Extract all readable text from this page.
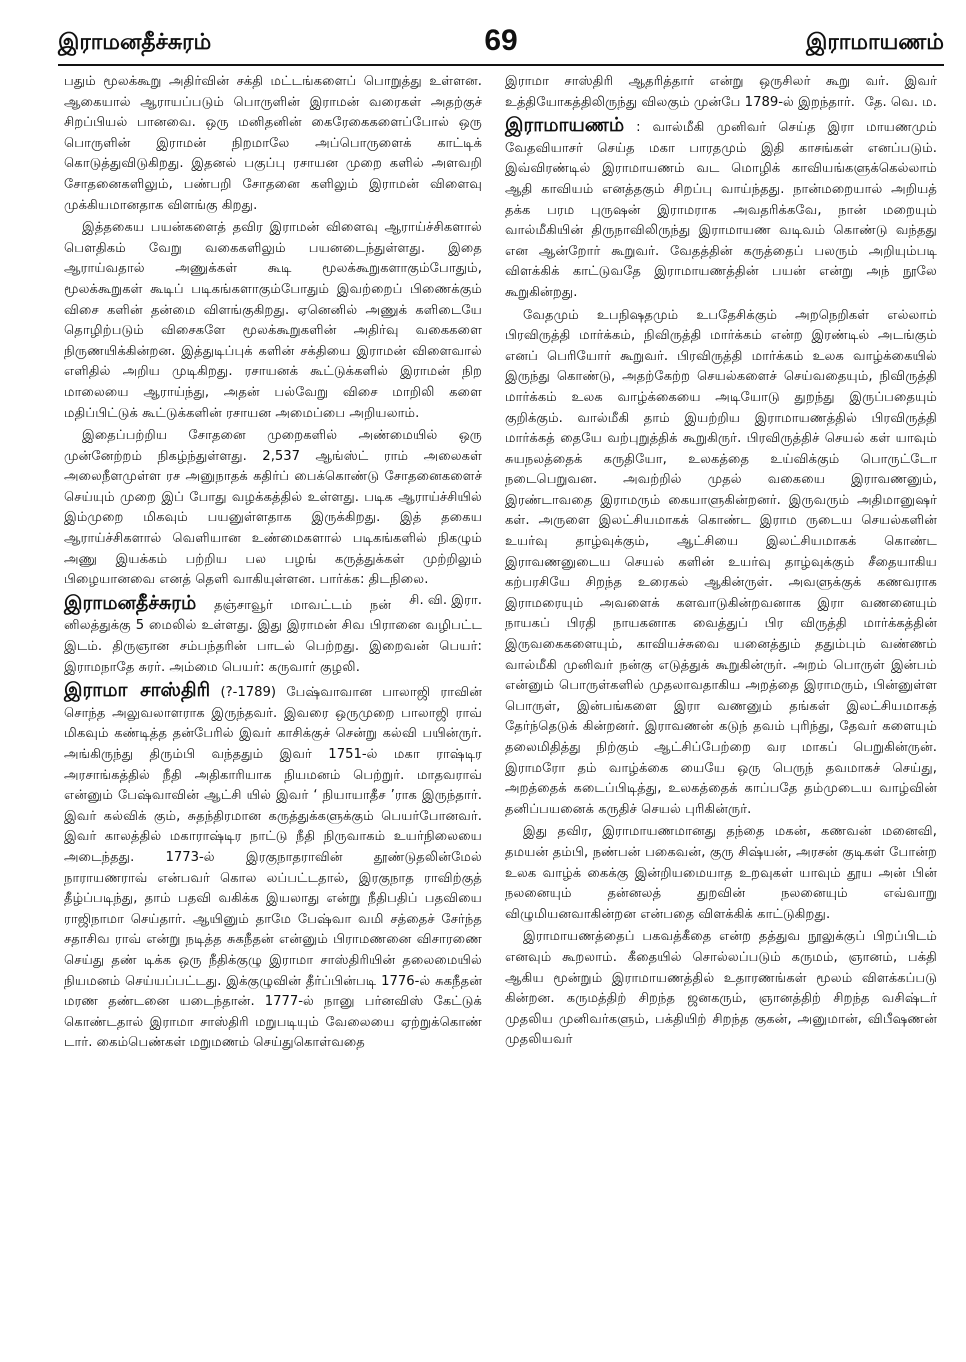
இராமனதீச்சுரம்	69	இராமாயணம்

பதும் மூலக்கூறு அதிர்வின் சக்தி மட்டங்களைப் பொறுத்து உள்ளன. ஆகையால் ஆராயப்படும் பொருளின் இராமன் வரைகள் அதற்குச் சிறப்பியல் பானவை. ஒரு மனிதனின் கைரேகைகளைப்போல் ஒரு பொருளின் இராமன் நிறமாலே அப்பொருளைக் காட்டிக் கொடுத்துவிடுகிறது. இதனல் பகுப்பு ரசாயன முறை களில் அளவறி சோதனைகளிலும், பண்பறி சோதனை களிலும் இராமன் விளைவு முக்கியமானதாக விளங்கு கிறது.

இத்தகைய பயன்களைத் தவிர இராமன் விளைவு ஆராய்ச்சிகளால் பௌதிகம் வேறு வகைகளிலும் பயனடைந்துள்ளது. இதை ஆராய்வதால் அணுக்கள் கூடி மூலக்கூறுகளாகும்போதும், மூலக்கூறுகள் கூடிப் படிகங்களாகும்போதும் இவற்றைப் பிணைக்கும் விசை களின் தன்மை விளங்குகிறது. ஏனெனில் அணுக் களிடையே தொழிற்படும் விசைகளே மூலக்கூறுகளின் அதிர்வு வகைகளை நிருணயிக்கின்றன. இத்துடிப்புக் களின் சக்தியை இராமன் விளைவால் எளிதில் அறிய முடிகிறது. ரசாயனக் கூட்டுக்களில் இராமன் நிற மாலையை ஆராய்ந்து, அதன் பல்வேறு விசை மாறிலி களை மதிப்பிட்டுக் கூட்டுக்களின் ரசாயன அமைப்பை அறியலாம்.

இதைப்பற்றிய சோதனை முறைகளில் அண்மையில் ஒரு முன்னேற்றம் நிகழ்ந்துள்ளது. 2,537 ஆங்ஸ்ட் ராம் அலைகள் அலைநீளமுள்ள ரச அனுநாதக் கதிர்ப் பைக்கொண்டு சோதனைகளைச் செய்யும் முறை இப் போது வழக்கத்தில் உள்ளது. படிக ஆராய்ச்சியில் இம்முறை மிகவும் பயனுள்ளதாக இருக்கிறது. இத் தகைய ஆராய்ச்சிகளால் வெளியான உண்மைகளால் படிகங்களில் நிகழும் அணு இயக்கம் பற்றிய பல பழங் கருத்துக்கள் முற்றிலும் பிழையானவை எனத் தெளி வாகியுள்ளன. பார்க்க: திடநிலை.
சி. வி. இரா.

இராமனதீச்சுரம் தஞ்சாவூர் மாவட்டம் நன் னிலத்துக்கு 5 மைலில் உள்ளது. இது இராமன் சிவ பிரானை வழிபட்ட இடம். திருஞான சம்பந்தரின் பாடல் பெற்றது. இறைவன் பெயர்: இராமநாதே சுரர். அம்மை பெயர்: கருவார் குழலி.

இராமா சாஸ்திரி (?-1789) பேஷ்வாவான பாலாஜி ராவின் சொந்த அலுவலாளராக இருந்தவர். இவரை ஒருமுறை பாலாஜி ராவ் மிகவும் கண்டித்த தன்பேரில் இவர் காசிக்குச் சென்று கல்வி பயின்ருர். அங்கிருந்து திரும்பி வந்ததும் இவர் 1751-ல் மகா ராஷ்டிர அரசாங்கத்தில் நீதி அதிகாரியாக நியமனம் பெற்றுர். மாதவராவ் என்னும் பேஷ்வாவின் ஆட்சி யில் இவர் ‘ நியாயாதீச ’ராக இருந்தார். இவர் கல்விக் கும், சுதந்திரமான கருத்துக்களுக்கும் பெயர்போனவர். இவர் காலத்தில் மகாராஷ்டிர நாட்டு நீதி நிருவாகம் உயர்நிலையை அடைந்தது. 1773-ல் இரகுநாதராவின் தூண்டுதலின்மேல் நாராயணராவ் என்பவர் கொல லப்பட்டதால், இரகுநாத ராவிற்குத் தீழ்ப்படிந்து, தாம் பதவி வகிக்க இயலாது என்று நீதிபதிப் பதவியை ராஜிநாமா செய்தார். ஆயினும் தாமே பேஷ்வா வமி சத்தைச் சேர்ந்த சதாசிவ ராவ் என்று நடித்த சுகநீதன் என்னும் பிராமணனை விசாரணை செய்து தண் டிக்க ஒரு நீதிக்குழு இராமா சாஸ்திரியின் தலைமையில் நியமனம் செய்யப்பட்டது. இக்குழுவின் தீர்ப்பின்படி 1776-ல் சுகநீதன் மரண தண்டனை யடைந்தான். 1777-ல் நானு பர்னவிஸ் கேட்டுக் கொண்டதால் இராமா சாஸ்திரி மறுபடியும் வேலையை ஏற்றுக்கொண் டார். கைம்பெண்கள் மறுமணம் செய்துகொள்வதை

இராமா சாஸ்திரி ஆதரித்தார் என்று ஒருசிலர் கூறு வர். இவர் உத்தியோகத்திலிருந்து விலகும் முன்பே 1789-ல் இறந்தார். தே. வெ. ம.

இராமாயணம் : வால்மீகி முனிவர் செய்த இரா மாயணமும் வேதவியாசர் செய்த மகா பாரதமும் இதி காசங்கள் எனப்படும். இவ்விரண்டில் இராமாயணம் வட மொழிக் காவியங்களுக்கெல்லாம் ஆதி காவியம் எனத்தகும் சிறப்பு வாய்ந்தது. நான்மறையால் அறியத் தக்க பரம புருஷன் இராமராக அவதரிக்கவே, நான் மறையும் வால்மீகியின் திருநாவிலிருந்து இராமாயண வடிவம் கொண்டு வந்தது என ஆன்றோர் கூறுவர். வேதத்தின் கருத்தைப் பலரும் அறியும்படி விளக்கிக் காட்டுவதே இராமாயணத்தின் பயன் என்று அந் நூலே கூறுகின்றது.

வேதமும் உபநிஷதமும் உபதேசிக்கும் அறநெறிகள் எல்லாம் பிரவிருத்தி மார்க்கம், நிவிருத்தி மார்க்கம் என்ற இரண்டில் அடங்கும் எனப் பெரியோர் கூறுவர். பிரவிருத்தி மார்க்கம் உலக வாழ்க்கையில் இருந்து கொண்டு, அதற்கேற்ற செயல்களைச் செய்வதையும், நிவிருத்தி மார்க்கம் உலக வாழ்க்கையை அடியோடு துறந்து இருப்பதையும் குறிக்கும். வால்மீகி தாம் இயற்றிய இராமாயணத்தில் பிரவிருத்தி மார்க்கத் தையே வற்புறுத்திக் கூறுகிருர். பிரவிருத்திச் செயல் கள் யாவும் சுயநலத்தைக் கருதியோ, உலகத்தை உய்விக்கும் பொருட்டோ நடைபெறுவன. அவற்றில் முதல் வகையை இராவணனும், இரண்டாவதை இராமரும் கையாளுகின்றனர். இருவரும் அதிமானுஷர் கள். அருளை இலட்சியமாகக் கொண்ட இராம ருடைய செயல்களின் உயர்வு தாழ்வுக்கும், ஆட்சியை இலட்சியமாகக் கொண்ட இராவணனுடைய செயல் களின் உயர்வு தாழ்வுக்கும் சீதையாகிய கற்பரசியே சிறந்த உரைகல் ஆகின்ருள். அவளுக்குக் கணவராக இராமரையும் அவளைக் களவாடுகின்றவனாக இரா வணனையும் நாயகப் பிரதி நாயகனாக வைத்துப் பிர விருத்தி மார்க்கத்தின் இருவகைகளையும், காவியச்சுவை யனைத்தும் ததும்பும் வண்ணம் வால்மீகி முனிவர் நன்கு எடுத்துக் கூறுகின்ருர். அறம் பொருள் இன்பம் என்னும் பொருள்களில் முதலாவதாகிய அறத்தை இராமரும், பின்னுள்ள பொருள், இன்பங்களை இரா வணனும் தங்கள் இலட்சியமாகத் தேர்ந்தெடுக் கின்றனர். இராவணன் கடுந் தவம் புரிந்து, தேவர் களையும் தலைமிதித்து நிற்கும் ஆட்சிப்பேற்றை வர மாகப் பெறுகின்ருன். இராமரோ தம் வாழ்க்கை யையே ஒரு பெருந் தவமாகச் செய்து, அறத்தைக் கடைப்பிடித்து, உலகத்தைக் காப்பதே தம்முடைய வாழ்வின் தனிப்பயனைக் கருதிச் செயல் புரிகின்ருர்.

இது தவிர, இராமாயணமானது தந்தை மகன், கணவன் மனைவி, தமயன் தம்பி, நண்பன் பகைவன், குரு சிஷ்யன், அரசன் குடிகள் போன்ற உலக வாழ்க் கைக்கு இன்றியமையாத உறவுகள் யாவும் தூய அன் பின் நலனையும் தன்னலத் துறவின் நலனையும் எவ்வாறு விழுமியனவாகின்றன என்பதை விளக்கிக் காட்டுகிறது.

இராமாயணத்தைப் பகவத்கீதை என்ற தத்துவ நூலுக்குப் பிறப்பிடம் எனவும் கூறலாம். கீதையில் சொல்லப்படும் கருமம், ஞானம், பக்தி ஆகிய மூன்றும் இராமாயணத்தில் உதாரணங்கள் மூலம் விளக்கப்படு கின்றன. கருமத்திற் சிறந்த ஜனகரும், ஞானத்திற் சிறந்த வசிஷ்டர் முதலிய முனிவர்களும், பக்தியிற் சிறந்த குகன், அனுமான், விபீஷணன் முதலியவர்
